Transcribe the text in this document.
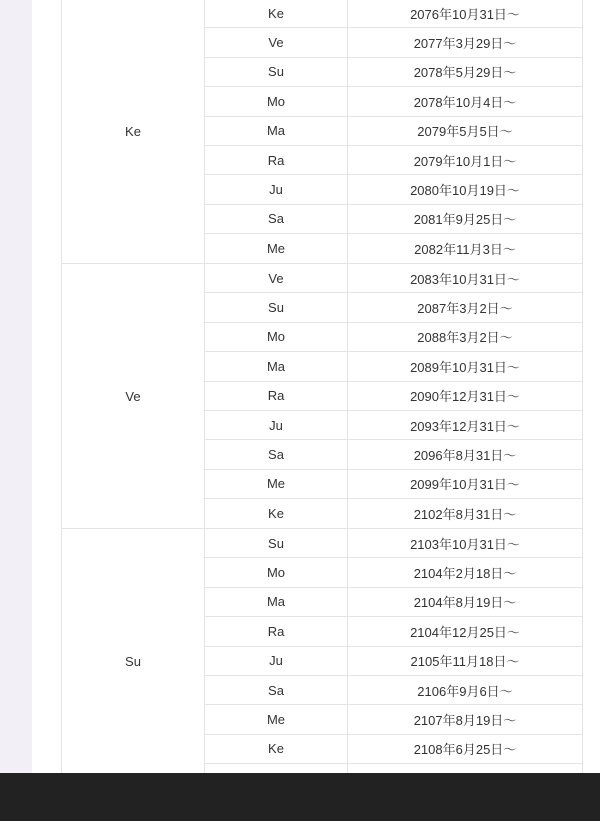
Ke
Ke	2076年10月31日〜
Ve	2077年3月29日〜
Su	2078年5月29日〜
Mo	2078年10月4日〜
Ma	2079年5月5日〜
Ra	2079年10月1日〜
Ju	2080年10月19日〜
Sa	2081年9月25日〜
Me	2082年11月3日〜
Ve
Ve	2083年10月31日〜
Su	2087年3月2日〜
Mo	2088年3月2日〜
Ma	2089年10月31日〜
Ra	2090年12月31日〜
Ju	2093年12月31日〜
Sa	2096年8月31日〜
Me	2099年10月31日〜
Ke	2102年8月31日〜
Su
Su	2103年10月31日〜
Mo	2104年2月18日〜
Ma	2104年8月19日〜
Ra	2104年12月25日〜
Ju	2105年11月18日〜
Sa	2106年9月6日〜
Me	2107年8月19日〜
Ke	2108年6月25日〜
